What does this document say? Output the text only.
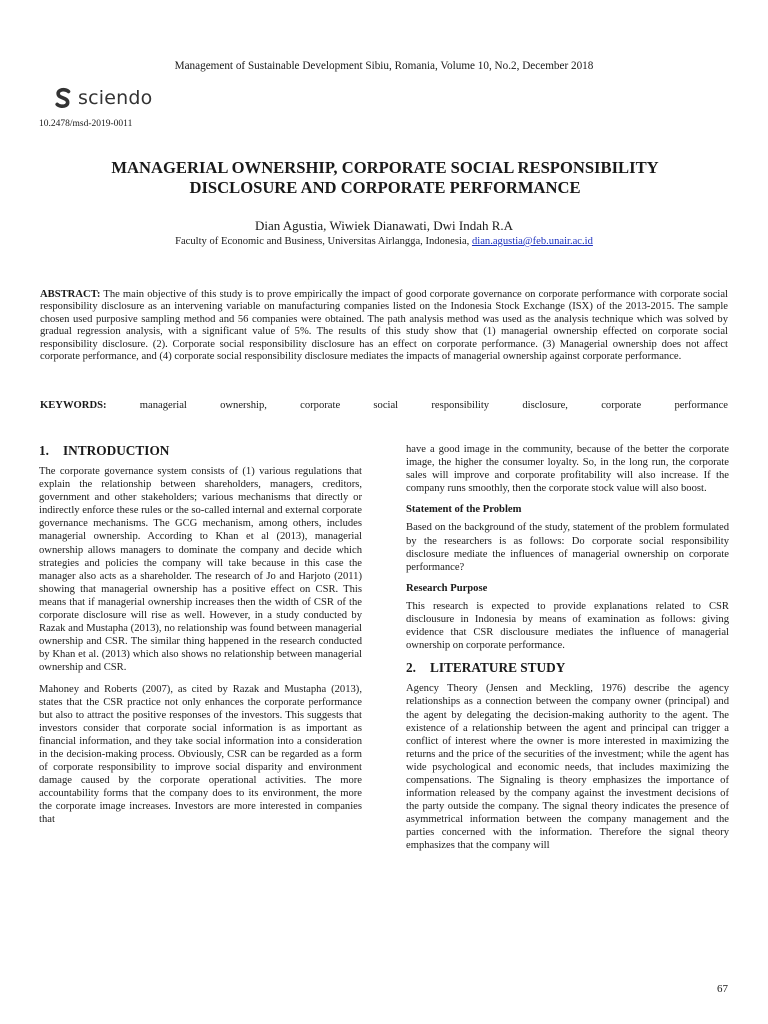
Management of Sustainable Development Sibiu, Romania, Volume 10, No.2, December 2018
sciendo
10.2478/msd-2019-0011
MANAGERIAL OWNERSHIP, CORPORATE SOCIAL RESPONSIBILITY
DISCLOSURE AND CORPORATE PERFORMANCE
Dian Agustia, Wiwiek Dianawati, Dwi Indah R.A
Faculty of Economic and Business, Universitas Airlangga, Indonesia, dian.agustia@feb.unair.ac.id
ABSTRACT: The main objective of this study is to prove empirically the impact of good corporate governance on corporate performance with corporate social responsibility disclosure as an intervening variable on manufacturing companies listed on the Indonesia Stock Exchange (ISX) of the 2013-2015. The sample chosen used purposive sampling method and 56 companies were obtained. The path analysis method was used as the analysis technique which was solved by gradual regression analysis, with a significant value of 5%. The results of this study show that (1) managerial ownership effected on corporate social responsibility disclosure. (2). Corporate social responsibility disclosure has an effect on corporate performance. (3) Managerial ownership does not affect corporate performance, and (4) corporate social responsibility disclosure mediates the impacts of managerial ownership against corporate performance.
KEYWORDS: managerial ownership, corporate social responsibility disclosure, corporate performance
1. INTRODUCTION
The corporate governance system consists of (1) various regulations that explain the relationship between shareholders, managers, creditors, government and other stakeholders; various mechanisms that directly or indirectly enforce these rules or the so-called internal and external corporate governance mechanisms. The GCG mechanism, among others, includes managerial ownership. According to Khan et al (2013), managerial ownership allows managers to dominate the company and decide which strategies and policies the company will take because in this case the manager also acts as a shareholder. The research of Jo and Harjoto (2011) showing that managerial ownership has a positive effect on CSR. This means that if managerial ownership increases then the width of CSR of the corporate disclosure will rise as well. However, in a study conducted by Razak and Mustapha (2013), no relationship was found between managerial ownership and CSR. The similar thing happened in the research conducted by Khan et al. (2013) which also shows no relationship between managerial ownership and CSR.
Mahoney and Roberts (2007), as cited by Razak and Mustapha (2013), states that the CSR practice not only enhances the corporate performance but also to attract the positive responses of the investors. This suggests that investors consider that corporate social information is as important as financial information, and they take social information into a consideration in the decision-making process. Obviously, CSR can be regarded as a form of corporate responsibility to improve social disparity and environment damage caused by the corporate operational activities. The more accountability forms that the company does to its environment, the more the corporate image increases. Investors are more interested in companies that
have a good image in the community, because of the better the corporate image, the higher the consumer loyalty. So, in the long run, the corporate sales will improve and corporate profitability will also increase. If the company runs smoothly, then the corporate stock value will also boost.
Statement of the Problem
Based on the background of the study, statement of the problem formulated by the researchers is as follows: Do corporate social responsibility disclosure mediate the influences of managerial ownership on corporate performance?
Research Purpose
This research is expected to provide explanations related to CSR disclousure in Indonesia by means of examination as follows: giving evidence that CSR disclousure mediates the influence of managerial ownership on corporate performance.
2. LITERATURE STUDY
Agency Theory (Jensen and Meckling, 1976) describe the agency relationships as a connection between the company owner (principal) and the agent by delegating the decision-making authority to the agent. The existence of a relationship between the agent and principal can trigger a conflict of interest where the owner is more interested in maximizing the returns and the price of the securities of the investment; while the agent has wide psychological and economic needs, that includes maximizing the compensations. The Signaling is theory emphasizes the importance of information released by the company against the investment decisions of the party outside the company. The signal theory indicates the presence of asymmetrical information between the company management and the parties concerned with the information. Therefore the signal theory emphasizes that the company will
67
